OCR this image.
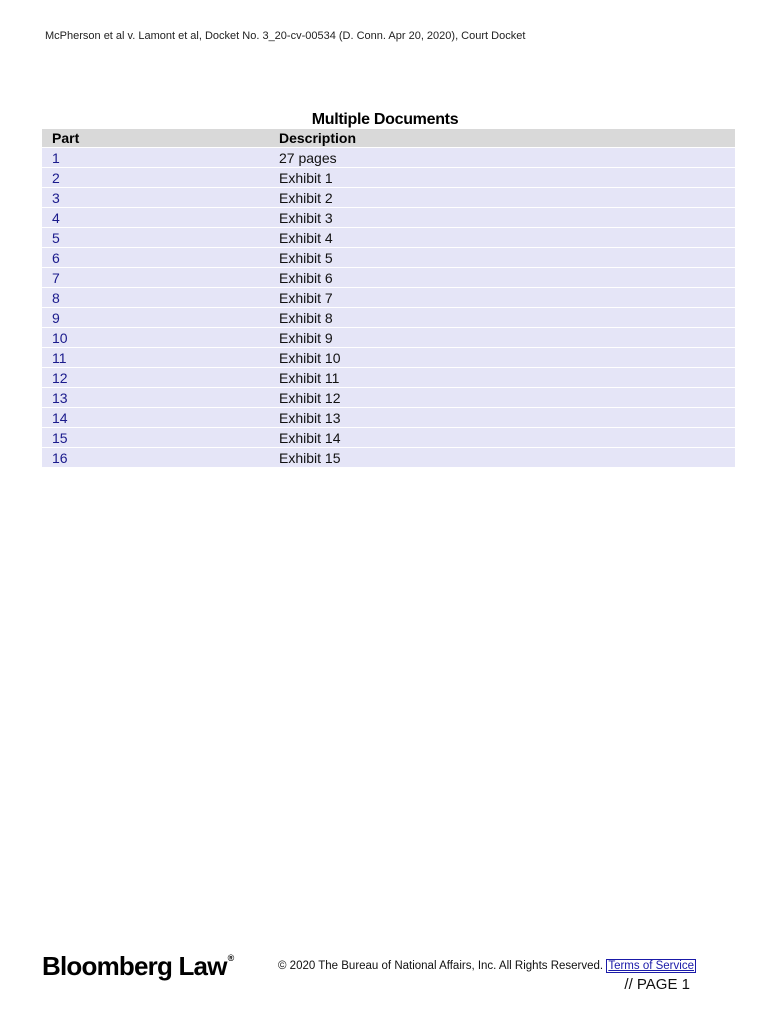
McPherson et al v. Lamont et al, Docket No. 3_20-cv-00534 (D. Conn. Apr 20, 2020), Court Docket
Multiple Documents
Part	Description
1	27 pages
2	Exhibit 1
3	Exhibit 2
4	Exhibit 3
5	Exhibit 4
6	Exhibit 5
7	Exhibit 6
8	Exhibit 7
9	Exhibit 8
10	Exhibit 9
11	Exhibit 10
12	Exhibit 11
13	Exhibit 12
14	Exhibit 13
15	Exhibit 14
16	Exhibit 15
Bloomberg Law®
© 2020 The Bureau of National Affairs, Inc. All Rights Reserved. Terms of Service
// PAGE 1
